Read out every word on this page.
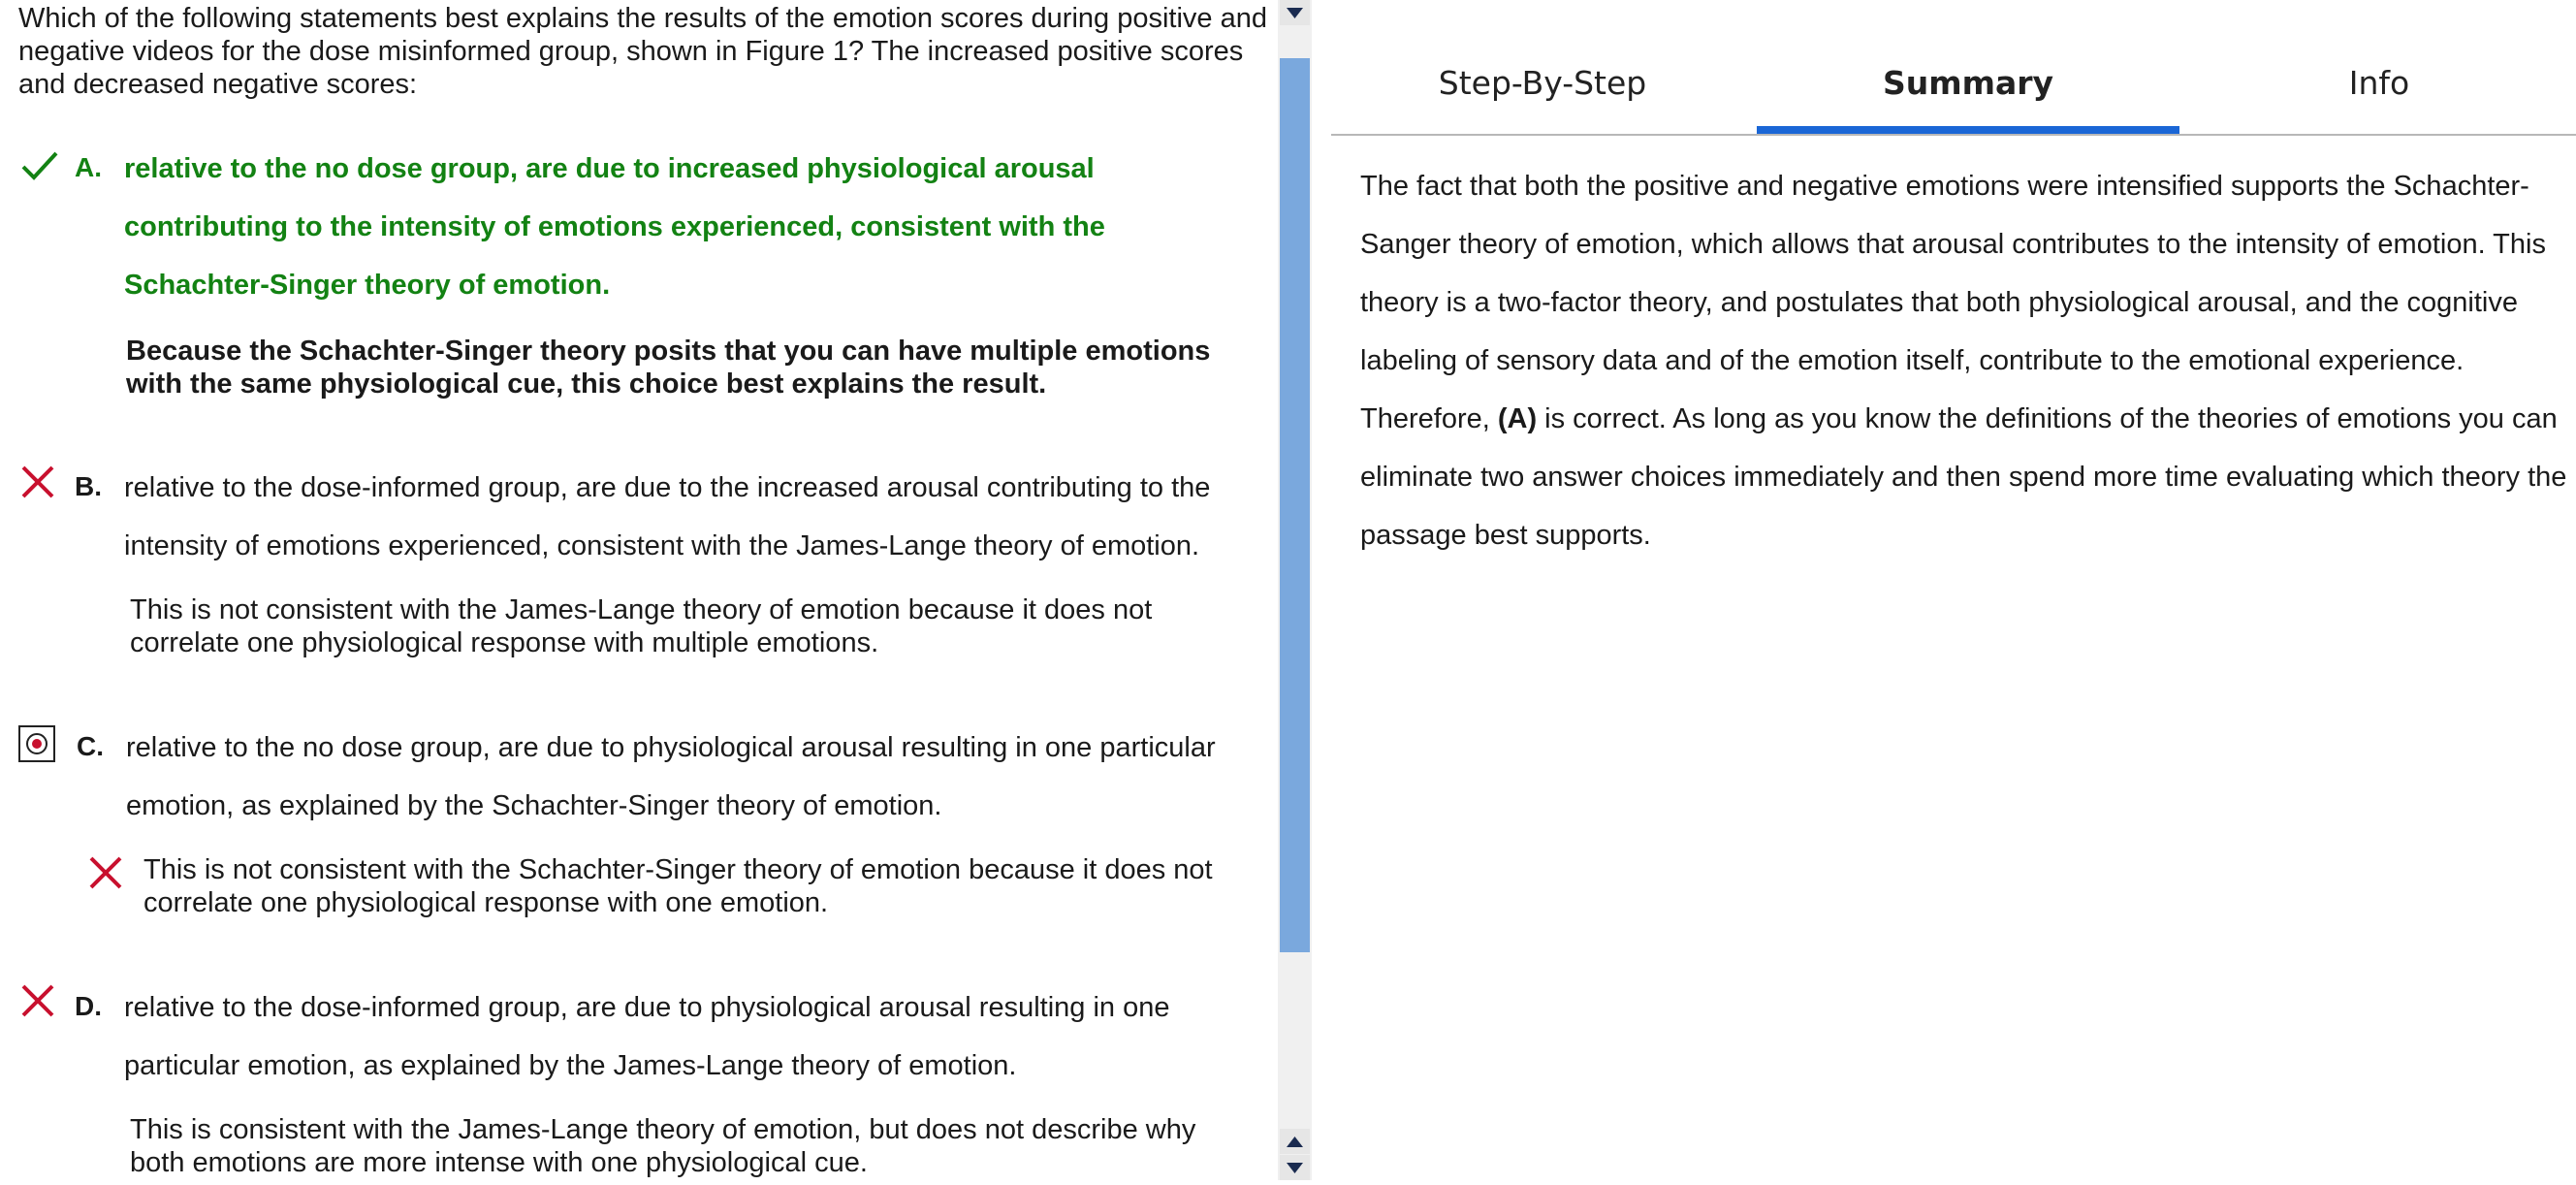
Which of the following statements best explains the results of the emotion scores during positive and negative videos for the dose misinformed group, shown in Figure 1? The increased positive scores and decreased negative scores:
A. relative to the no dose group, are due to increased physiological arousal contributing to the intensity of emotions experienced, consistent with the Schachter-Singer theory of emotion.
Because the Schachter-Singer theory posits that you can have multiple emotions with the same physiological cue, this choice best explains the result.
B. relative to the dose-informed group, are due to the increased arousal contributing to the intensity of emotions experienced, consistent with the James-Lange theory of emotion.
This is not consistent with the James-Lange theory of emotion because it does not correlate one physiological response with multiple emotions.
C. relative to the no dose group, are due to physiological arousal resulting in one particular emotion, as explained by the Schachter-Singer theory of emotion.
This is not consistent with the Schachter-Singer theory of emotion because it does not correlate one physiological response with one emotion.
D. relative to the dose-informed group, are due to physiological arousal resulting in one particular emotion, as explained by the James-Lange theory of emotion.
This is consistent with the James-Lange theory of emotion, but does not describe why both emotions are more intense with one physiological cue.
Step-By-Step	Summary	Info
The fact that both the positive and negative emotions were intensified supports the Schachter-Sanger theory of emotion, which allows that arousal contributes to the intensity of emotion. This theory is a two-factor theory, and postulates that both physiological arousal, and the cognitive labeling of sensory data and of the emotion itself, contribute to the emotional experience. Therefore, (A) is correct. As long as you know the definitions of the theories of emotions you can eliminate two answer choices immediately and then spend more time evaluating which theory the passage best supports.
